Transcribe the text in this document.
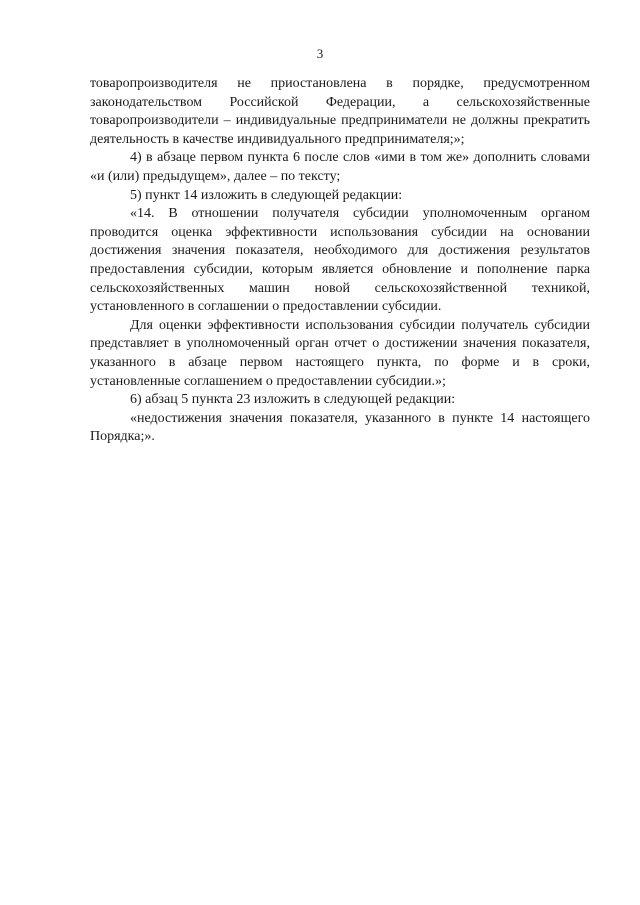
3

товаропроизводителя не приостановлена в порядке, предусмотренном законодательством Российской Федерации, а сельскохозяйственные товаропроизводители – индивидуальные предприниматели не должны прекратить деятельность в качестве индивидуального предпринимателя;»;

4) в абзаце первом пункта 6 после слов «ими в том же» дополнить словами «и (или) предыдущем», далее – по тексту;

5) пункт 14 изложить в следующей редакции:

«14. В отношении получателя субсидии уполномоченным органом проводится оценка эффективности использования субсидии на основании достижения значения показателя, необходимого для достижения результатов предоставления субсидии, которым является обновление и пополнение парка сельскохозяйственных машин новой сельскохозяйственной техникой, установленного в соглашении о предоставлении субсидии.

Для оценки эффективности использования субсидии получатель субсидии представляет в уполномоченный орган отчет о достижении значения показателя, указанного в абзаце первом настоящего пункта, по форме и в сроки, установленные соглашением о предоставлении субсидии.»;

6) абзац 5 пункта 23 изложить в следующей редакции:

«недостижения значения показателя, указанного в пункте 14 настоящего Порядка;».
